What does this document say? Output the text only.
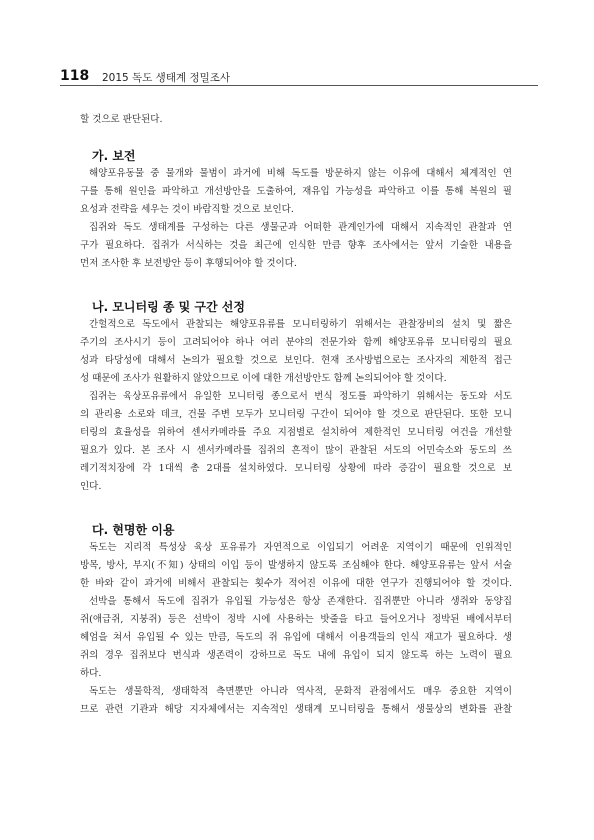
118 2015 독도 생태계 정밀조사
할 것으로 판단된다.
가. 보전
해양포유동물 중 물개와 물범이 과거에 비해 독도를 방문하지 않는 이유에 대해서 체계적인 연
구를 통해 원인을 파악하고 개선방안을 도출하여, 재유입 가능성을 파악하고 이를 통해 복원의 필
요성과 전략을 세우는 것이 바람직할 것으로 보인다.
집쥐와 독도 생태계를 구성하는 다른 생물군과 어떠한 관계인가에 대해서 지속적인 관찰과 연
구가 필요하다. 집쥐가 서식하는 것을 최근에 인식한 만큼 향후 조사에서는 앞서 기술한 내용을
먼저 조사한 후 보전방안 등이 후행되어야 할 것이다.
나. 모니터링 종 및 구간 선정
간헐적으로 독도에서 관찰되는 해양포유류를 모니터링하기 위해서는 관찰장비의 설치 및 짧은
주기의 조사시기 등이 고려되어야 하나 여러 분야의 전문가와 함께 해양포유류 모니터링의 필요
성과 타당성에 대해서 논의가 필요할 것으로 보인다. 현재 조사방법으로는 조사자의 제한적 접근
성 때문에 조사가 원활하지 않았으므로 이에 대한 개선방안도 함께 논의되어야 할 것이다.
집쥐는 육상포유류에서 유일한 모니터링 종으로서 번식 정도를 파악하기 위해서는 동도와 서도
의 관리용 소로와 데크, 건물 주변 모두가 모니터링 구간이 되어야 할 것으로 판단된다. 또한 모니
터링의 효율성을 위하여 센서카메라를 주요 지점별로 설치하여 제한적인 모니터링 여건을 개선할
필요가 있다. 본 조사 시 센서카메라를 집쥐의 흔적이 많이 관찰된 서도의 어민숙소와 동도의 쓰
레기적치장에 각 1대씩 총 2대를 설치하였다. 모니터링 상황에 따라 증감이 필요할 것으로 보
인다.
다. 현명한 이용
독도는 지리적 특성상 육상 포유류가 자연적으로 이입되기 어려운 지역이기 때문에 인위적인
방목, 방사, 부지(不知) 상태의 이입 등이 발생하지 않도록 조심해야 한다. 해양포유류는 앞서 서술
한 바와 같이 과거에 비해서 관찰되는 횟수가 적어진 이유에 대한 연구가 진행되어야 할 것이다.
선박을 통해서 독도에 집쥐가 유입될 가능성은 항상 존재한다. 집쥐뿐만 아니라 생쥐와 동양집
쥐(애급쥐, 지붕쥐) 등은 선박이 정박 시에 사용하는 밧줄을 타고 들어오거나 정박된 배에서부터
헤엄을 쳐서 유입될 수 있는 만큼, 독도의 쥐 유입에 대해서 이용객들의 인식 재고가 필요하다. 생
쥐의 경우 집쥐보다 번식과 생존력이 강하므로 독도 내에 유입이 되지 않도록 하는 노력이 필요
하다.
독도는 생물학적, 생태학적 측면뿐만 아니라 역사적, 문화적 관점에서도 매우 중요한 지역이
므로 관련 기관과 해당 지자체에서는 지속적인 생태계 모니터링을 통해서 생물상의 변화를 관찰
